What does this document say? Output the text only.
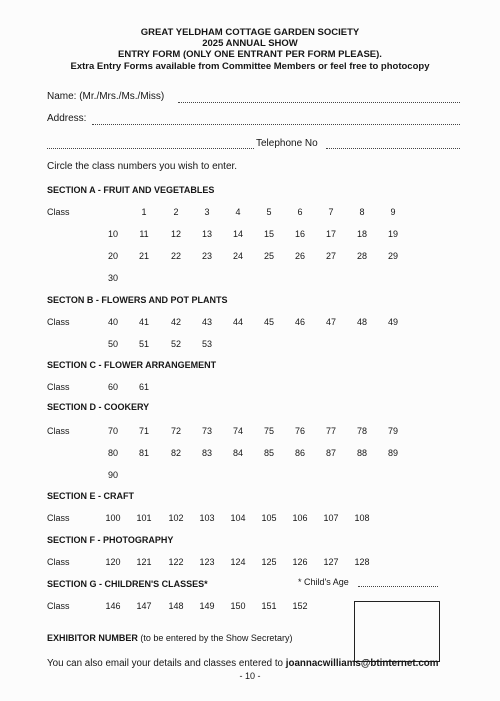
GREAT YELDHAM COTTAGE GARDEN SOCIETY
2025 ANNUAL SHOW
ENTRY FORM (ONLY ONE ENTRANT PER FORM PLEASE).
Extra Entry Forms available from Committee Members or feel free to photocopy
Name: (Mr./Mrs./Ms./Miss)
Address:
Telephone No
Circle the class numbers you wish to enter.
SECTION A - FRUIT AND VEGETABLES
Class	1	2	3	4	5	6	7	8	9
10	11	12	13	14	15	16	17	18	19
20	21	22	23	24	25	26	27	28	29
30
SECTON B - FLOWERS AND POT PLANTS
Class	40	41	42	43	44	45	46	47	48	49
50	51	52	53
SECTION C - FLOWER ARRANGEMENT
Class	60	61
SECTION D - COOKERY
Class	70	71	72	73	74	75	76	77	78	79
80	81	82	83	84	85	86	87	88	89
90
SECTION E - CRAFT
Class	100	101	102	103	104	105	106	107	108
SECTION F - PHOTOGRAPHY
Class	120	121	122	123	124	125	126	127	128
SECTION G - CHILDREN'S CLASSES*
Class	146	147	148	149	150	151	152
* Child's Age
EXHIBITOR NUMBER (to be entered by the Show Secretary)
You can also email your details and classes entered to joannacwilliams@btinternet.com
- 10 -
